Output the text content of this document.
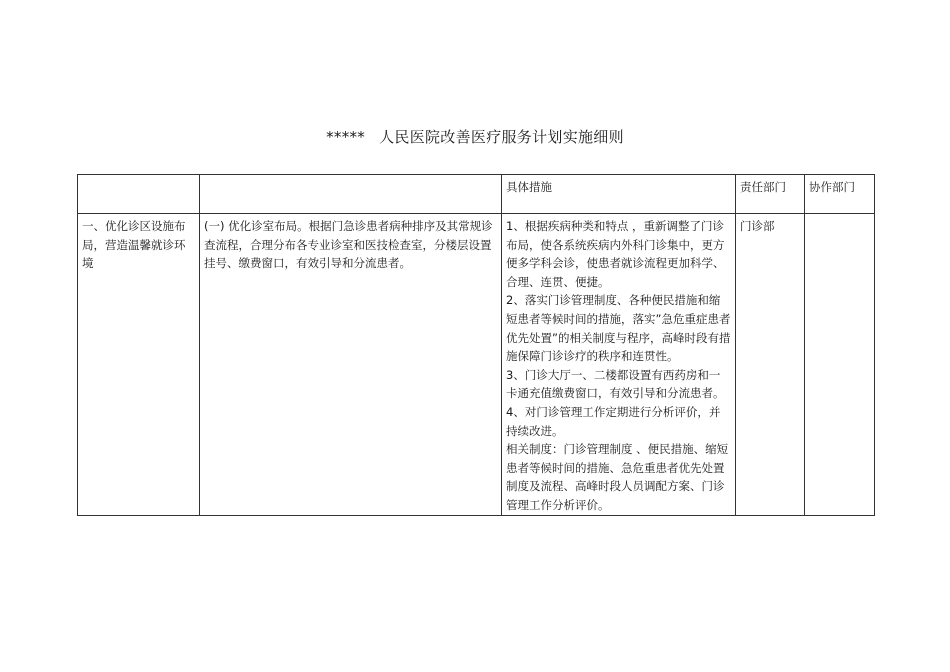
***** 人民医院改善医疗服务计划实施细则
		具体措施	责任部门	协作部门
一、优化诊区设施布局，营造温馨就诊环境	(一) 优化诊室布局。根据门急诊患者病种排序及其常规诊查流程，合理分布各专业诊室和医技检查室，分楼层设置挂号、缴费窗口，有效引导和分流患者。	1、根据疾病种类和特点 ，重新调整了门诊布局，使各系统疾病内外科门诊集中，更方便多学科会诊，使患者就诊流程更加科学、合理、连贯、便捷。

2、落实门诊管理制度、各种便民措施和缩短患者等候时间的措施，落实”急危重症患者优先处置”的相关制度与程序，高峰时段有措施保障门诊诊疗的秩序和连贯性。

3、门诊大厅一、二楼都设置有西药房和一卡通充值缴费窗口，有效引导和分流患者。

4、对门诊管理工作定期进行分析评价，并持续改进。

相关制度：门诊管理制度 、便民措施、缩短患者等候时间的措施、急危重患者优先处置制度及流程、高峰时段人员调配方案、门诊管理工作分析评价。	门诊部	
